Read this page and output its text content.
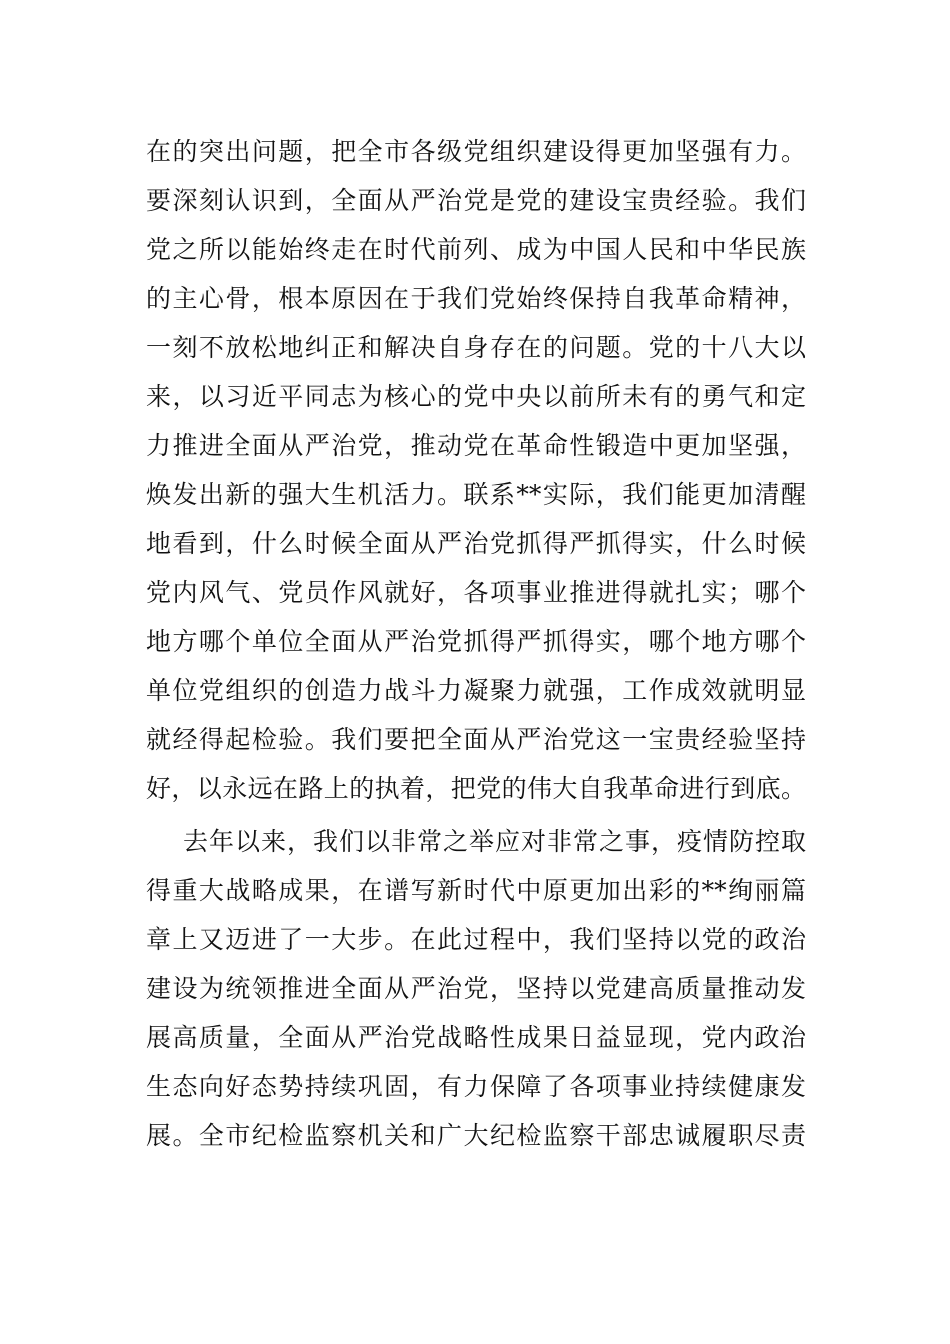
在的突出问题，把全市各级党组织建设得更加坚强有力。
要深刻认识到，全面从严治党是党的建设宝贵经验。我们
党之所以能始终走在时代前列、成为中国人民和中华民族
的主心骨，根本原因在于我们党始终保持自我革命精神，
一刻不放松地纠正和解决自身存在的问题。党的十八大以
来，以习近平同志为核心的党中央以前所未有的勇气和定
力推进全面从严治党，推动党在革命性锻造中更加坚强，
焕发出新的强大生机活力。联系**实际，我们能更加清醒
地看到，什么时候全面从严治党抓得严抓得实，什么时候
党内风气、党员作风就好，各项事业推进得就扎实；哪个
地方哪个单位全面从严治党抓得严抓得实，哪个地方哪个
单位党组织的创造力战斗力凝聚力就强，工作成效就明显
就经得起检验。我们要把全面从严治党这一宝贵经验坚持
好，以永远在路上的执着，把党的伟大自我革命进行到底。
去年以来，我们以非常之举应对非常之事，疫情防控取
得重大战略成果，在谱写新时代中原更加出彩的**绚丽篇
章上又迈进了一大步。在此过程中，我们坚持以党的政治
建设为统领推进全面从严治党，坚持以党建高质量推动发
展高质量，全面从严治党战略性成果日益显现，党内政治
生态向好态势持续巩固，有力保障了各项事业持续健康发
展。全市纪检监察机关和广大纪检监察干部忠诚履职尽责
